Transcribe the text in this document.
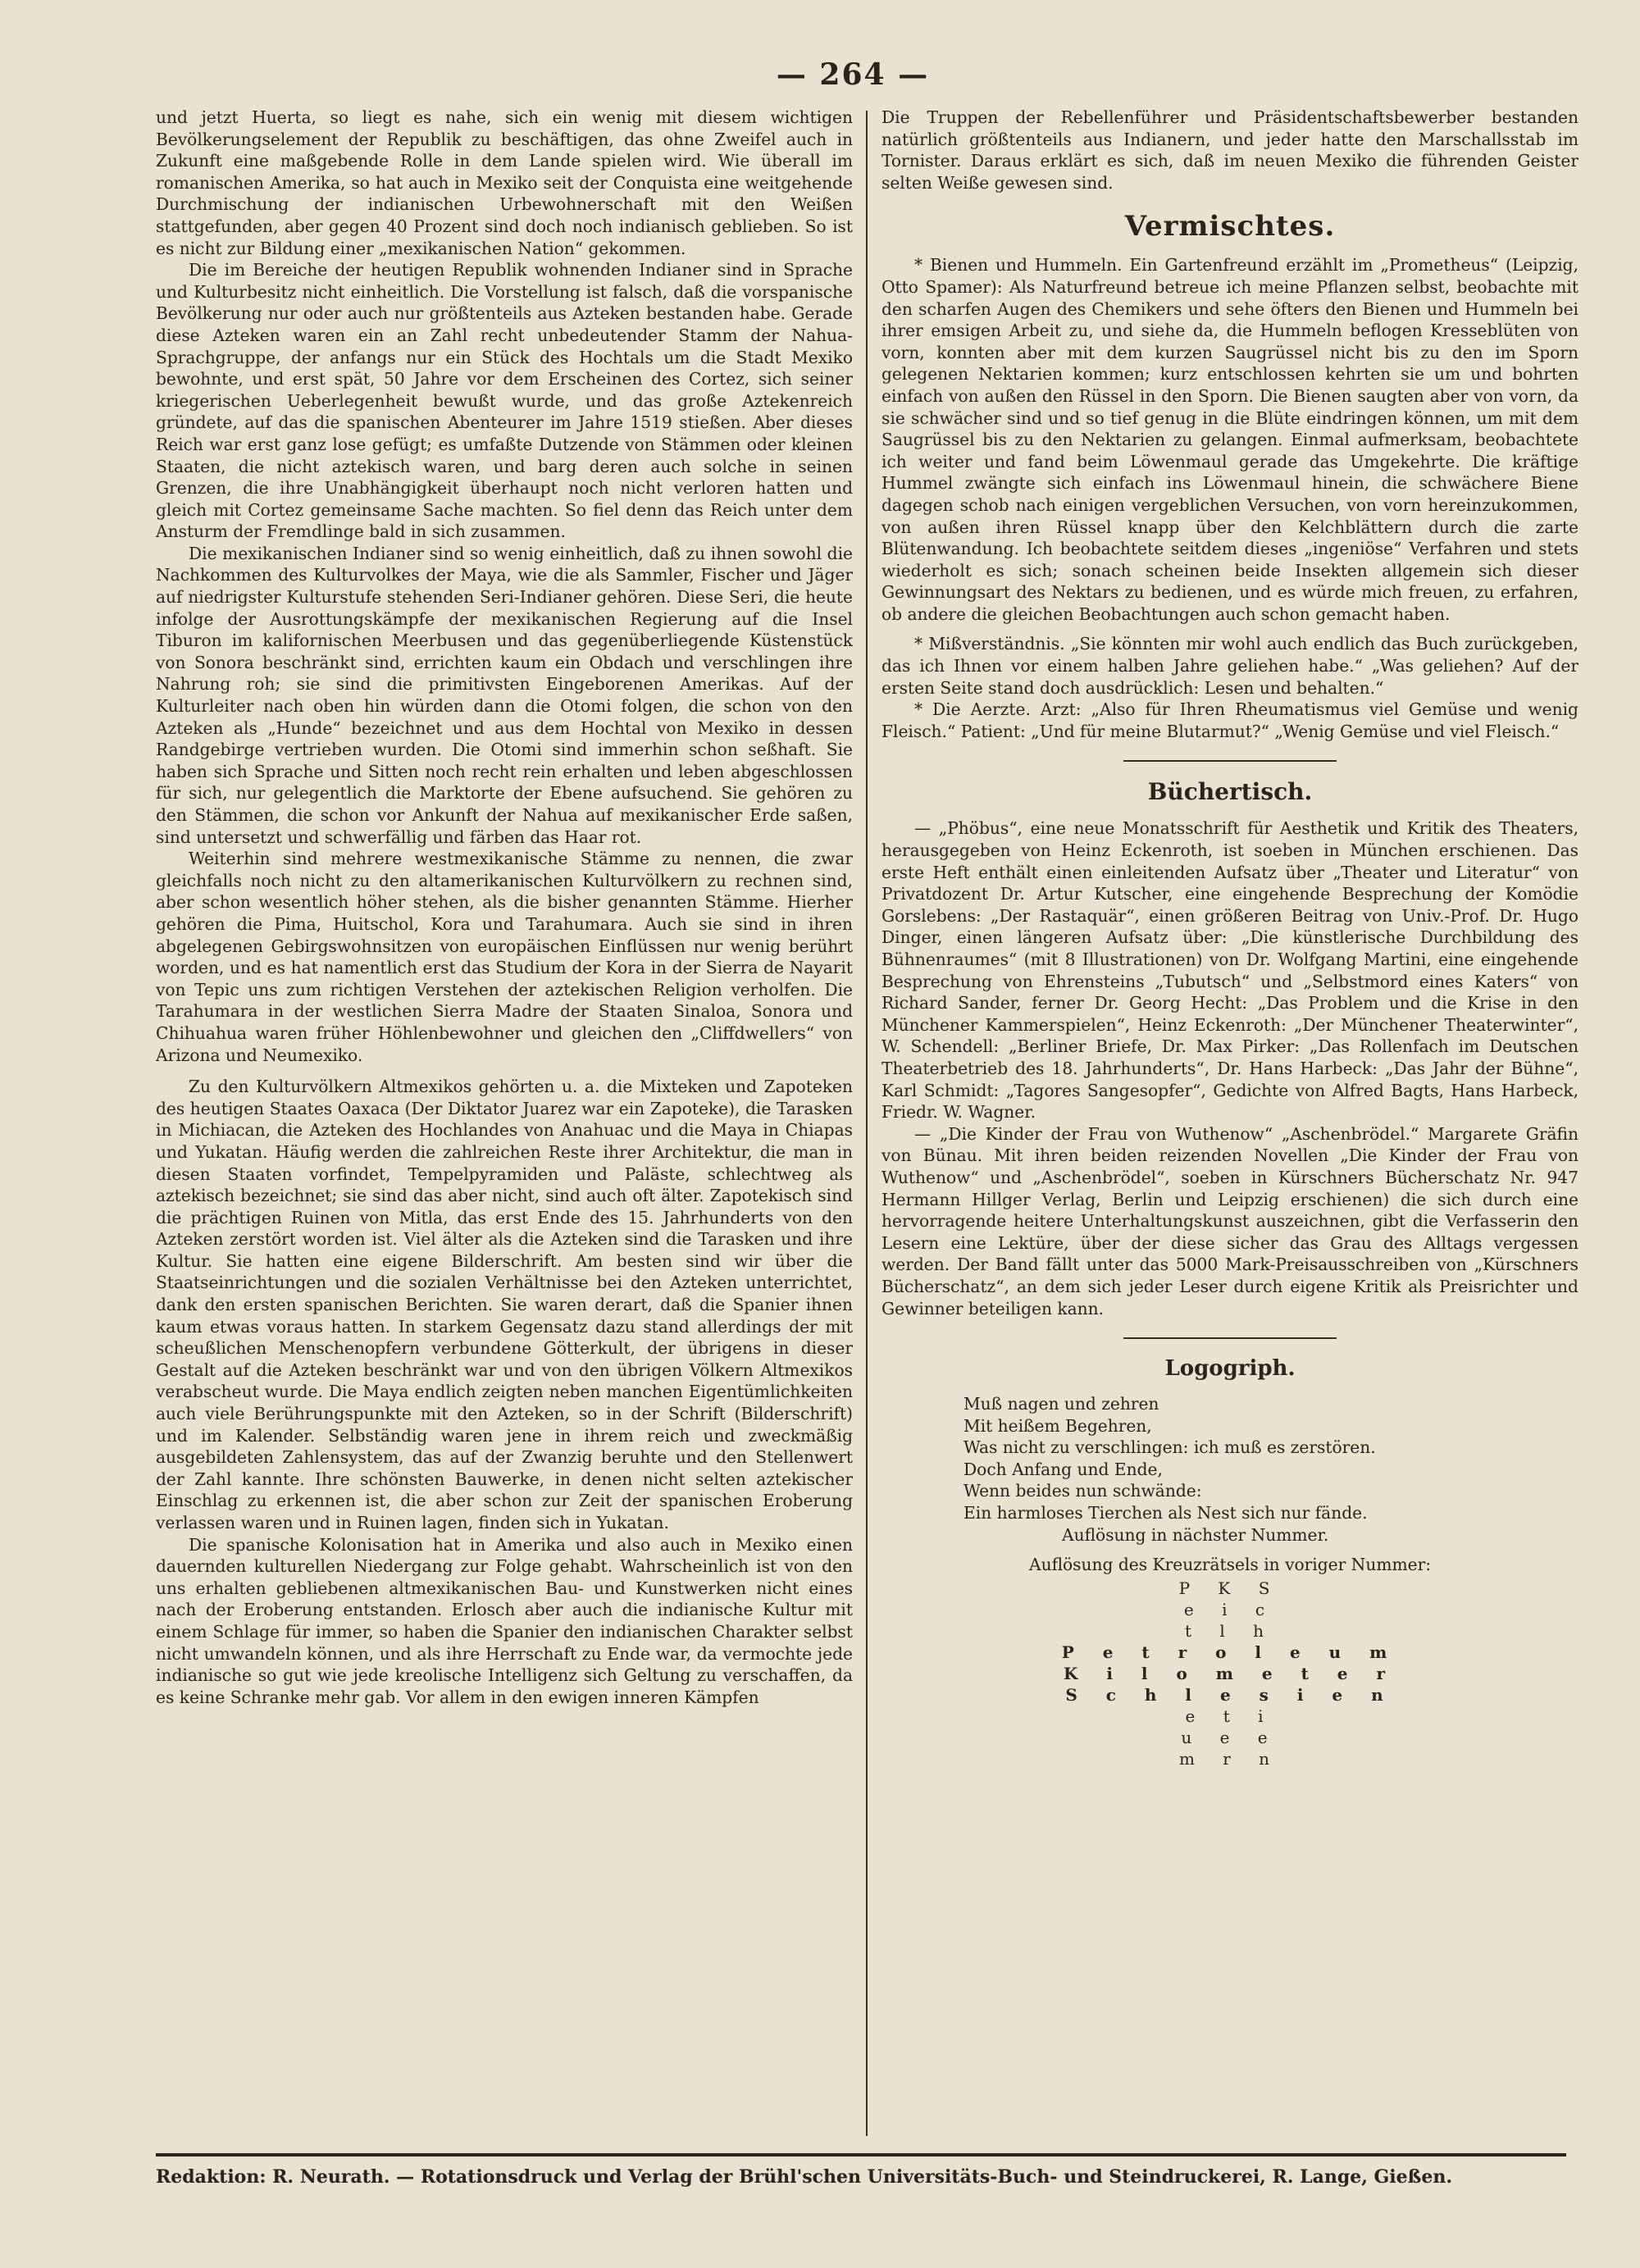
— 264 —

und jetzt Huerta, so liegt es nahe, sich ein wenig mit diesem wichtigen Bevölkerungselement der Republik zu beschäftigen, das ohne Zweifel auch in Zukunft eine maßgebende Rolle in dem Lande spielen wird. Wie überall im romanischen Amerika, so hat auch in Mexiko seit der Conquista eine weitgehende Durchmischung der indianischen Urbewohnerschaft mit den Weißen stattgefunden, aber gegen 40 Prozent sind doch noch indianisch geblieben. So ist es nicht zur Bildung einer „mexikanischen Nation“ gekommen.

Die im Bereiche der heutigen Republik wohnenden Indianer sind in Sprache und Kulturbesitz nicht einheitlich. Die Vorstellung ist falsch, daß die vorspanische Bevölkerung nur oder auch nur größtenteils aus Azteken bestanden habe. Gerade diese Azteken waren ein an Zahl recht unbedeutender Stamm der Nahua-Sprachgruppe, der anfangs nur ein Stück des Hochtals um die Stadt Mexiko bewohnte, und erst spät, 50 Jahre vor dem Erscheinen des Cortez, sich seiner kriegerischen Ueberlegenheit bewußt wurde, und das große Aztekenreich gründete, auf das die spanischen Abenteurer im Jahre 1519 stießen. Aber dieses Reich war erst ganz lose gefügt; es umfaßte Dutzende von Stämmen oder kleinen Staaten, die nicht aztekisch waren, und barg deren auch solche in seinen Grenzen, die ihre Unabhängigkeit überhaupt noch nicht verloren hatten und gleich mit Cortez gemeinsame Sache machten. So fiel denn das Reich unter dem Ansturm der Fremdlinge bald in sich zusammen.

Die mexikanischen Indianer sind so wenig einheitlich, daß zu ihnen sowohl die Nachkommen des Kulturvolkes der Maya, wie die als Sammler, Fischer und Jäger auf niedrigster Kulturstufe stehenden Seri-Indianer gehören. Diese Seri, die heute infolge der Ausrottungskämpfe der mexikanischen Regierung auf die Insel Tiburon im kalifornischen Meerbusen und das gegenüberliegende Küstenstück von Sonora beschränkt sind, errichten kaum ein Obdach und verschlingen ihre Nahrung roh; sie sind die primitivsten Eingeborenen Amerikas. Auf der Kulturleiter nach oben hin würden dann die Otomi folgen, die schon von den Azteken als „Hunde“ bezeichnet und aus dem Hochtal von Mexiko in dessen Randgebirge vertrieben wurden. Die Otomi sind immerhin schon seßhaft. Sie haben sich Sprache und Sitten noch recht rein erhalten und leben abgeschlossen für sich, nur gelegentlich die Marktorte der Ebene aufsuchend. Sie gehören zu den Stämmen, die schon vor Ankunft der Nahua auf mexikanischer Erde saßen, sind untersetzt und schwerfällig und färben das Haar rot.

Weiterhin sind mehrere westmexikanische Stämme zu nennen, die zwar gleichfalls noch nicht zu den altamerikanischen Kulturvölkern zu rechnen sind, aber schon wesentlich höher stehen, als die bisher genannten Stämme. Hierher gehören die Pima, Huitschol, Kora und Tarahumara. Auch sie sind in ihren abgelegenen Gebirgswohnsitzen von europäischen Einflüssen nur wenig berührt worden, und es hat namentlich erst das Studium der Kora in der Sierra de Nayarit von Tepic uns zum richtigen Verstehen der aztekischen Religion verholfen. Die Tarahumara in der westlichen Sierra Madre der Staaten Sinaloa, Sonora und Chihuahua waren früher Höhlenbewohner und gleichen den „Cliffdwellers“ von Arizona und Neumexiko.

Zu den Kulturvölkern Altmexikos gehörten u. a. die Mixteken und Zapoteken des heutigen Staates Oaxaca (Der Diktator Juarez war ein Zapoteke), die Tarasken in Michiacan, die Azteken des Hochlandes von Anahuac und die Maya in Chiapas und Yukatan. Häufig werden die zahlreichen Reste ihrer Architektur, die man in diesen Staaten vorfindet, Tempelpyramiden und Paläste, schlechtweg als aztekisch bezeichnet; sie sind das aber nicht, sind auch oft älter. Zapotekisch sind die prächtigen Ruinen von Mitla, das erst Ende des 15. Jahrhunderts von den Azteken zerstört worden ist. Viel älter als die Azteken sind die Tarasken und ihre Kultur. Sie hatten eine eigene Bilderschrift. Am besten sind wir über die Staatseinrichtungen und die sozialen Verhältnisse bei den Azteken unterrichtet, dank den ersten spanischen Berichten. Sie waren derart, daß die Spanier ihnen kaum etwas voraus hatten. In starkem Gegensatz dazu stand allerdings der mit scheußlichen Menschenopfern verbundene Götterkult, der übrigens in dieser Gestalt auf die Azteken beschränkt war und von den übrigen Völkern Altmexikos verabscheut wurde. Die Maya endlich zeigten neben manchen Eigentümlichkeiten auch viele Berührungspunkte mit den Azteken, so in der Schrift (Bilderschrift) und im Kalender. Selbständig waren jene in ihrem reich und zweckmäßig ausgebildeten Zahlensystem, das auf der Zwanzig beruhte und den Stellenwert der Zahl kannte. Ihre schönsten Bauwerke, in denen nicht selten aztekischer Einschlag zu erkennen ist, die aber schon zur Zeit der spanischen Eroberung verlassen waren und in Ruinen lagen, finden sich in Yukatan.

Die spanische Kolonisation hat in Amerika und also auch in Mexiko einen dauernden kulturellen Niedergang zur Folge gehabt. Wahrscheinlich ist von den uns erhalten gebliebenen altmexikanischen Bau- und Kunstwerken nicht eines nach der Eroberung entstanden. Erlosch aber auch die indianische Kultur mit einem Schlage für immer, so haben die Spanier den indianischen Charakter selbst nicht umwandeln können, und als ihre Herrschaft zu Ende war, da vermochte jede indianische so gut wie jede kreolische Intelligenz sich Geltung zu verschaffen, da es keine Schranke mehr gab. Vor allem in den ewigen inneren Kämpfen

Die Truppen der Rebellenführer und Präsidentschaftsbewerber bestanden natürlich größtenteils aus Indianern, und jeder hatte den Marschallsstab im Tornister. Daraus erklärt es sich, daß im neuen Mexiko die führenden Geister selten Weiße gewesen sind.

Vermischtes.

* Bienen und Hummeln. Ein Gartenfreund erzählt im „Prometheus“ (Leipzig, Otto Spamer): Als Naturfreund betreue ich meine Pflanzen selbst, beobachte mit den scharfen Augen des Chemikers und sehe öfters den Bienen und Hummeln bei ihrer emsigen Arbeit zu, und siehe da, die Hummeln beflogen Kresseblüten von vorn, konnten aber mit dem kurzen Saugrüssel nicht bis zu den im Sporn gelegenen Nektarien kommen; kurz entschlossen kehrten sie um und bohrten einfach von außen den Rüssel in den Sporn. Die Bienen saugten aber von vorn, da sie schwächer sind und so tief genug in die Blüte eindringen können, um mit dem Saugrüssel bis zu den Nektarien zu gelangen. Einmal aufmerksam, beobachtete ich weiter und fand beim Löwenmaul gerade das Umgekehrte. Die kräftige Hummel zwängte sich einfach ins Löwenmaul hinein, die schwächere Biene dagegen schob nach einigen vergeblichen Versuchen, von vorn hereinzukommen, von außen ihren Rüssel knapp über den Kelchblättern durch die zarte Blütenwandung. Ich beobachtete seitdem dieses „ingeniöse“ Verfahren und stets wiederholt es sich; sonach scheinen beide Insekten allgemein sich dieser Gewinnungsart des Nektars zu bedienen, und es würde mich freuen, zu erfahren, ob andere die gleichen Beobachtungen auch schon gemacht haben.

* Mißverständnis. „Sie könnten mir wohl auch endlich das Buch zurückgeben, das ich Ihnen vor einem halben Jahre geliehen habe.“ „Was geliehen? Auf der ersten Seite stand doch ausdrücklich: Lesen und behalten.“

* Die Aerzte. Arzt: „Also für Ihren Rheumatismus viel Gemüse und wenig Fleisch.“ Patient: „Und für meine Blutarmut?“ „Wenig Gemüse und viel Fleisch.“

Büchertisch.

— „Phöbus“, eine neue Monatsschrift für Aesthetik und Kritik des Theaters, herausgegeben von Heinz Eckenroth, ist soeben in München erschienen. Das erste Heft enthält einen einleitenden Aufsatz über „Theater und Literatur“ von Privatdozent Dr. Artur Kutscher, eine eingehende Besprechung der Komödie Gorslebens: „Der Rastaquär“, einen größeren Beitrag von Univ.-Prof. Dr. Hugo Dinger, einen längeren Aufsatz über: „Die künstlerische Durchbildung des Bühnenraumes“ (mit 8 Illustrationen) von Dr. Wolfgang Martini, eine eingehende Besprechung von Ehrensteins „Tubutsch“ und „Selbstmord eines Katers“ von Richard Sander, ferner Dr. Georg Hecht: „Das Problem und die Krise in den Münchener Kammerspielen“, Heinz Eckenroth: „Der Münchener Theaterwinter“, W. Schendell: „Berliner Briefe, Dr. Max Pirker: „Das Rollenfach im Deutschen Theaterbetrieb des 18. Jahrhunderts“, Dr. Hans Harbeck: „Das Jahr der Bühne“, Karl Schmidt: „Tagores Sangesopfer“, Gedichte von Alfred Bagts, Hans Harbeck, Friedr. W. Wagner.

— „Die Kinder der Frau von Wuthenow“ „Aschenbrödel.“ Margarete Gräfin von Bünau. Mit ihren beiden reizenden Novellen „Die Kinder der Frau von Wuthenow“ und „Aschenbrödel“, soeben in Kürschners Bücherschatz Nr. 947 Hermann Hillger Verlag, Berlin und Leipzig erschienen) die sich durch eine hervorragende heitere Unterhaltungskunst auszeichnen, gibt die Verfasserin den Lesern eine Lektüre, über der diese sicher das Grau des Alltags vergessen werden. Der Band fällt unter das 5000 Mark-Preisausschreiben von „Kürschners Bücherschatz“, an dem sich jeder Leser durch eigene Kritik als Preisrichter und Gewinner beteiligen kann.

Logogriph.
Muß nagen und zehren
Mit heißem Begehren,
Was nicht zu verschlingen: ich muß es zerstören.
Doch Anfang und Ende,
Wenn beides nun schwände:
Ein harmloses Tierchen als Nest sich nur fände.
Auflösung in nächster Nummer.

Auflösung des Kreuzrätsels in voriger Nummer:

P K S
e i c
t l h
P e t r o l e u m
K i l o m e t e r
S c h l e s i e n
e t i
u e e
m r n
Redaktion: R. Neurath. — Rotationsdruck und Verlag der Brühl'schen Universitäts-Buch- und Steindruckerei, R. Lange, Gießen.
